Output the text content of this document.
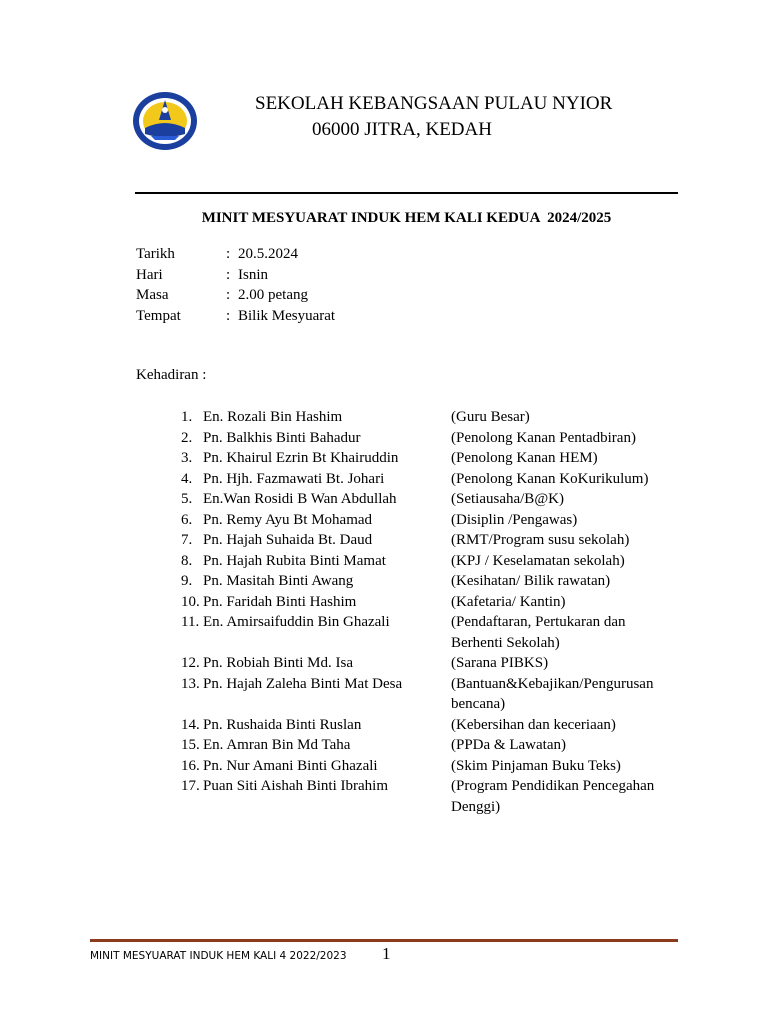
SEKOLAH KEBANGSAAN PULAU NYIOR
06000 JITRA, KEDAH
MINIT MESYUARAT INDUK HEM KALI KEDUA  2024/2025
Tarikh	: 20.5.2024
Hari	: Isnin
Masa	: 2.00 petang
Tempat	: Bilik Mesyuarat
Kehadiran :
1. En. Rozali Bin Hashim	(Guru Besar)
2. Pn. Balkhis Binti Bahadur	(Penolong Kanan Pentadbiran)
3. Pn. Khairul Ezrin Bt Khairuddin	(Penolong Kanan HEM)
4. Pn. Hjh. Fazmawati Bt. Johari	(Penolong Kanan KoKurikulum)
5. En.Wan Rosidi B Wan Abdullah	(Setiausaha/B@K)
6. Pn. Remy Ayu Bt Mohamad	(Disiplin /Pengawas)
7. Pn. Hajah Suhaida Bt. Daud	(RMT/Program susu sekolah)
8. Pn. Hajah Rubita Binti Mamat	(KPJ / Keselamatan sekolah)
9. Pn. Masitah Binti Awang	(Kesihatan/ Bilik rawatan)
10. Pn. Faridah Binti Hashim	(Kafetaria/ Kantin)
11. En. Amirsaifuddin Bin Ghazali	(Pendaftaran, Pertukaran dan Berhenti Sekolah)
12. Pn. Robiah Binti Md. Isa	(Sarana PIBKS)
13. Pn. Hajah Zaleha Binti Mat Desa	(Bantuan&Kebajikan/Pengurusan bencana)
14. Pn. Rushaida Binti Ruslan	(Kebersihan dan keceriaan)
15. En. Amran Bin Md Taha	(PPDa & Lawatan)
16. Pn. Nur Amani Binti Ghazali	(Skim Pinjaman Buku Teks)
17. Puan Siti Aishah Binti Ibrahim	(Program Pendidikan Pencegahan Denggi)
MINIT MESYUARAT INDUK HEM KALI 4 2022/2023 1
